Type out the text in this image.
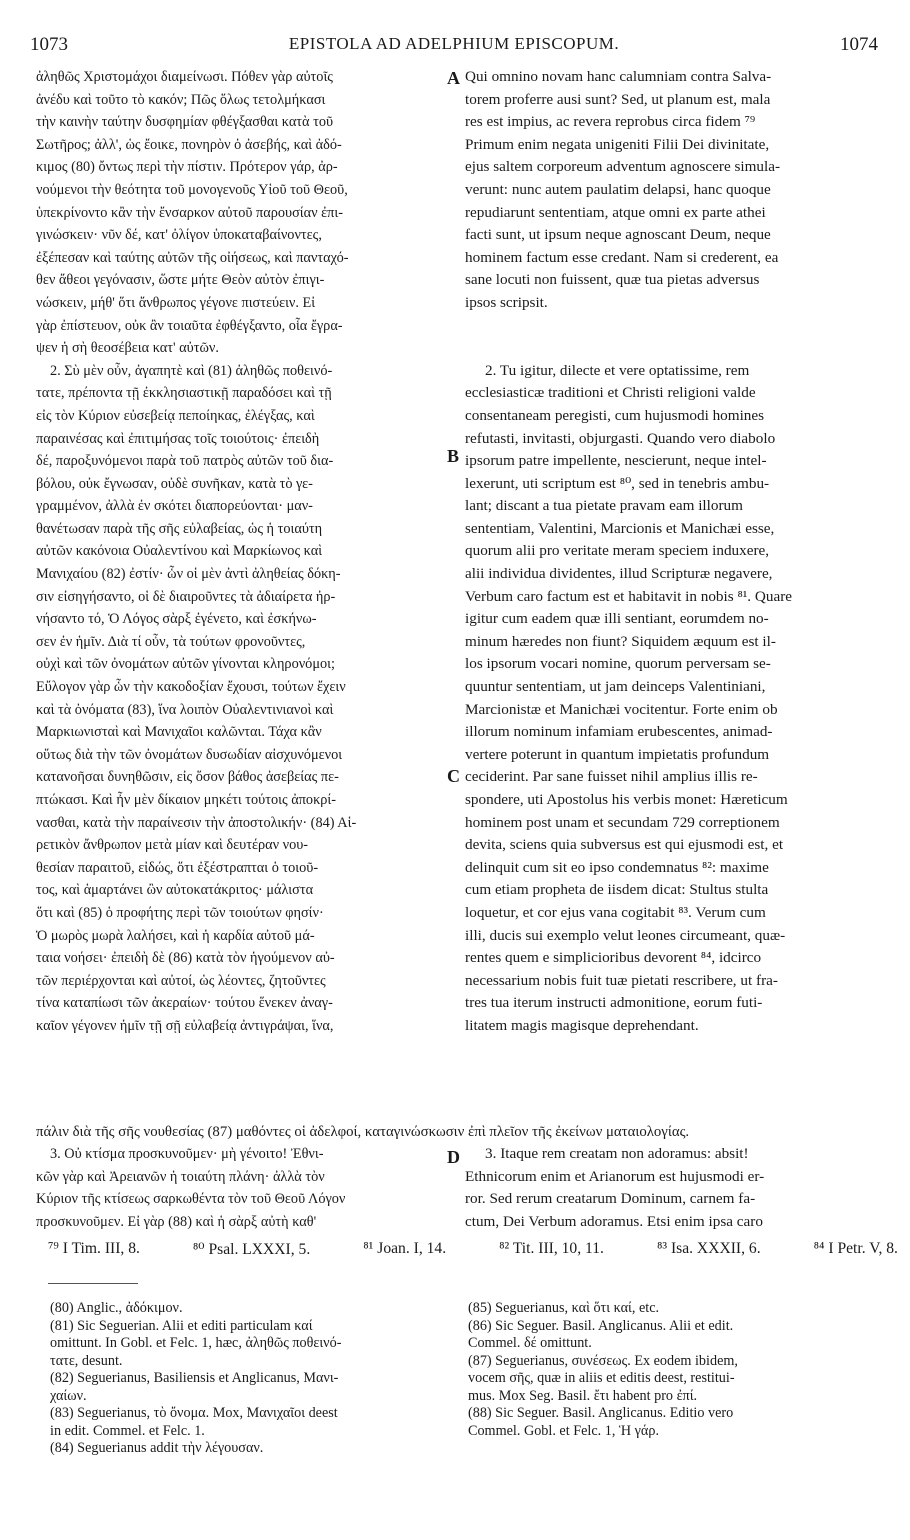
1073	EPISTOLA AD ADELPHIUM EPISCOPUM.	1074
A
B
C
D
ἀληθῶς Χριστομάχοι διαμείνωσι. Πόθεν γὰρ αὐτοῖς
ἀνέδυ καὶ τοῦτο τὸ κακόν; Πῶς ὅλως τετολμήκασι
τὴν καινὴν ταύτην δυσφημίαν φθέγξασθαι κατὰ τοῦ
Σωτῆρος; ἀλλ', ὡς ἔοικε, πονηρὸν ὁ ἀσεβής, καὶ ἀδό-
κιμος (80) ὄντως περὶ τὴν πίστιν. Πρότερον γάρ, ἀρ-
νούμενοι τὴν θεότητα τοῦ μονογενοῦς Υἱοῦ τοῦ Θεοῦ,
ὑπεκρίνοντο κἂν τὴν ἔνσαρκον αὐτοῦ παρουσίαν ἐπι-
γινώσκειν· νῦν δέ, κατ' ὀλίγον ὑποκαταβαίνοντες,
ἐξέπεσαν καὶ ταύτης αὐτῶν τῆς οἰήσεως, καὶ πανταχό-
θεν ἄθεοι γεγόνασιν, ὥστε μήτε Θεὸν αὐτὸν ἐπιγι-
νώσκειν, μήθ' ὅτι ἄνθρωπος γέγονε πιστεύειν. Εἰ
γὰρ ἐπίστευον, οὐκ ἂν τοιαῦτα ἐφθέγξαντο, οἷα ἔγρα-
ψεν ἡ σὴ θεοσέβεια κατ' αὐτῶν.
2. Σὺ μὲν οὖν, ἀγαπητὲ καὶ (81) ἀληθῶς ποθεινό-
τατε, πρέποντα τῇ ἐκκλησιαστικῇ παραδόσει καὶ τῇ
εἰς τὸν Κύριον εὐσεβείᾳ πεποίηκας, ἐλέγξας, καὶ
παραινέσας καὶ ἐπιτιμήσας τοῖς τοιούτοις· ἐπειδὴ
δέ, παροξυνόμενοι παρὰ τοῦ πατρὸς αὐτῶν τοῦ δια-
βόλου, οὐκ ἔγνωσαν, οὐδὲ συνῆκαν, κατὰ τὸ γε-
γραμμένον, ἀλλὰ ἐν σκότει διαπορεύονται· μαν-
θανέτωσαν παρὰ τῆς σῆς εὐλαβείας, ὡς ἡ τοιαύτη
αὐτῶν κακόνοια Οὐαλεντίνου καὶ Μαρκίωνος καὶ
Μανιχαίου (82) ἐστίν· ὧν οἱ μὲν ἀντὶ ἀληθείας δόκη-
σιν εἰσηγήσαντο, οἱ δὲ διαιροῦντες τὰ ἀδιαίρετα ἠρ-
νήσαντο τό, Ὁ Λόγος σὰρξ ἐγένετο, καὶ ἐσκήνω-
σεν ἐν ἡμῖν. Διὰ τί οὖν, τὰ τούτων φρονοῦντες,
οὐχὶ καὶ τῶν ὀνομάτων αὐτῶν γίνονται κληρονόμοι;
Εὔλογον γὰρ ὧν τὴν κακοδοξίαν ἔχουσι, τούτων ἔχειν
καὶ τὰ ὀνόματα (83), ἵνα λοιπὸν Οὐαλεντινιανοὶ καὶ
Μαρκιωνισταὶ καὶ Μανιχαῖοι καλῶνται. Τάχα κἂν
οὕτως διὰ τὴν τῶν ὀνομάτων δυσωδίαν αἰσχυνόμενοι
κατανοῆσαι δυνηθῶσιν, εἰς ὅσον βάθος ἀσεβείας πε-
πτώκασι. Καὶ ἦν μὲν δίκαιον μηκέτι τούτοις ἀποκρί-
νασθαι, κατὰ τὴν παραίνεσιν τὴν ἀποστολικήν· (84) Αἱ-
ρετικὸν ἄνθρωπον μετὰ μίαν καὶ δευτέραν νου-
θεσίαν παραιτοῦ, εἰδώς, ὅτι ἐξέστραπται ὁ τοιοῦ-
τος, καὶ ἁμαρτάνει ὢν αὐτοκατάκριτος· μάλιστα
ὅτι καὶ (85) ὁ προφήτης περὶ τῶν τοιούτων φησίν·
Ὁ μωρὸς μωρὰ λαλήσει, καὶ ἡ καρδία αὐτοῦ μά-
ταια νοήσει· ἐπειδὴ δὲ (86) κατὰ τὸν ἡγούμενον αὐ-
τῶν περιέρχονται καὶ αὐτοί, ὡς λέοντες, ζητοῦντες
τίνα καταπίωσι τῶν ἀκεραίων· τούτου ἕνεκεν ἀναγ-
καῖον γέγονεν ἡμῖν τῇ σῇ εὐλαβείᾳ ἀντιγράψαι, ἵνα,
Qui omnino novam hanc calumniam contra Salva-
torem proferre ausi sunt? Sed, ut planum est, mala
res est impius, ac revera reprobus circa fidem ⁷⁹
Primum enim negata unigeniti Filii Dei divinitate,
ejus saltem corporeum adventum agnoscere simula-
verunt: nunc autem paulatim delapsi, hanc quoque
repudiarunt sententiam, atque omni ex parte athei
facti sunt, ut ipsum neque agnoscant Deum, neque
hominem factum esse credant. Nam si crederent, ea
sane locuti non fuissent, quæ tua pietas adversus
ipsos scripsit.
2. Tu igitur, dilecte et vere optatissime, rem
ecclesiasticæ traditioni et Christi religioni valde
consentaneam peregisti, cum hujusmodi homines
refutasti, invitasti, objurgasti. Quando vero diabolo
ipsorum patre impellente, nescierunt, neque intel-
lexerunt, uti scriptum est ⁸⁰, sed in tenebris ambu-
lant; discant a tua pietate pravam eam illorum
sententiam, Valentini, Marcionis et Manichæi esse,
quorum alii pro veritate meram speciem induxere,
alii individua dividentes, illud Scripturæ negavere,
Verbum caro factum est et habitavit in nobis ⁸¹. Quare
igitur cum eadem quæ illi sentiant, eorumdem no-
minum hæredes non fiunt? Siquidem æquum est il-
los ipsorum vocari nomine, quorum perversam se-
quuntur sententiam, ut jam deinceps Valentiniani,
Marcionistæ et Manichæi vocitentur. Forte enim ob
illorum nominum infamiam erubescentes, animad-
vertere poterunt in quantum impietatis profundum
ceciderint. Par sane fuisset nihil amplius illis re-
spondere, uti Apostolus his verbis monet: Hæreticum
hominem post unam et secundam 729 correptionem
devita, sciens quia subversus est qui ejusmodi est, et
delinquit cum sit eo ipso condemnatus ⁸²: maxime
cum etiam propheta de iisdem dicat: Stultus stulta
loquetur, et cor ejus vana cogitabit ⁸³. Verum cum
illi, ducis sui exemplo velut leones circumeant, quæ-
rentes quem e simplicioribus devorent ⁸⁴, idcirco
necessarium nobis fuit tuæ pietati rescribere, ut fra-
tres tua iterum instructi admonitione, eorum futi-
litatem magis magisque deprehendant.
πάλιν διὰ τῆς σῆς νουθεσίας (87) μαθόντες οἱ ἀδελφοί, καταγινώσκωσιν ἐπὶ πλεῖον τῆς ἐκείνων ματαιολογίας.
3. Οὐ κτίσμα προσκυνοῦμεν· μὴ γένοιτο! Ἐθνι-
κῶν γὰρ καὶ Ἀρειανῶν ἡ τοιαύτη πλάνη· ἀλλὰ τὸν
Κύριον τῆς κτίσεως σαρκωθέντα τὸν τοῦ Θεοῦ Λόγον
προσκυνοῦμεν. Εἰ γὰρ (88) καὶ ἡ σὰρξ αὐτὴ καθ'
3. Itaque rem creatam non adoramus: absit!
Ethnicorum enim et Arianorum est hujusmodi er-
ror. Sed rerum creatarum Dominum, carnem fa-
ctum, Dei Verbum adoramus. Etsi enim ipsa caro
⁷⁹ I Tim. III, 8.	⁸⁰ Psal. LXXXI, 5.	⁸¹ Joan. I, 14.	⁸² Tit. III, 10, 11.	⁸³ Isa. XXXII, 6.	⁸⁴ I Petr. V, 8.
(80) Anglic., ἀδόκιμον.
(81) Sic Seguerian. Alii et editi particulam καί
omittunt. In Gobl. et Felc. 1, hæc, ἀληθῶς ποθεινό-
τατε, desunt.
(82) Seguerianus, Basiliensis et Anglicanus, Μανι-
χαίων.
(83) Seguerianus, τὸ ὄνομα. Mox, Μανιχαῖοι deest
in edit. Commel. et Felc. 1.
(84) Seguerianus addit τὴν λέγουσαν.
(85) Seguerianus, καὶ ὅτι καί, etc.
(86) Sic Seguer. Basil. Anglicanus. Alii et edit.
Commel. δέ omittunt.
(87) Seguerianus, συνέσεως. Ex eodem ibidem,
vocem σῆς, quæ in aliis et editis deest, restitui-
mus. Mox Seg. Basil. ἔτι habent pro ἐπί.
(88) Sic Seguer. Basil. Anglicanus. Editio vero
Commel. Gobl. et Felc. 1, Ἡ γάρ.
